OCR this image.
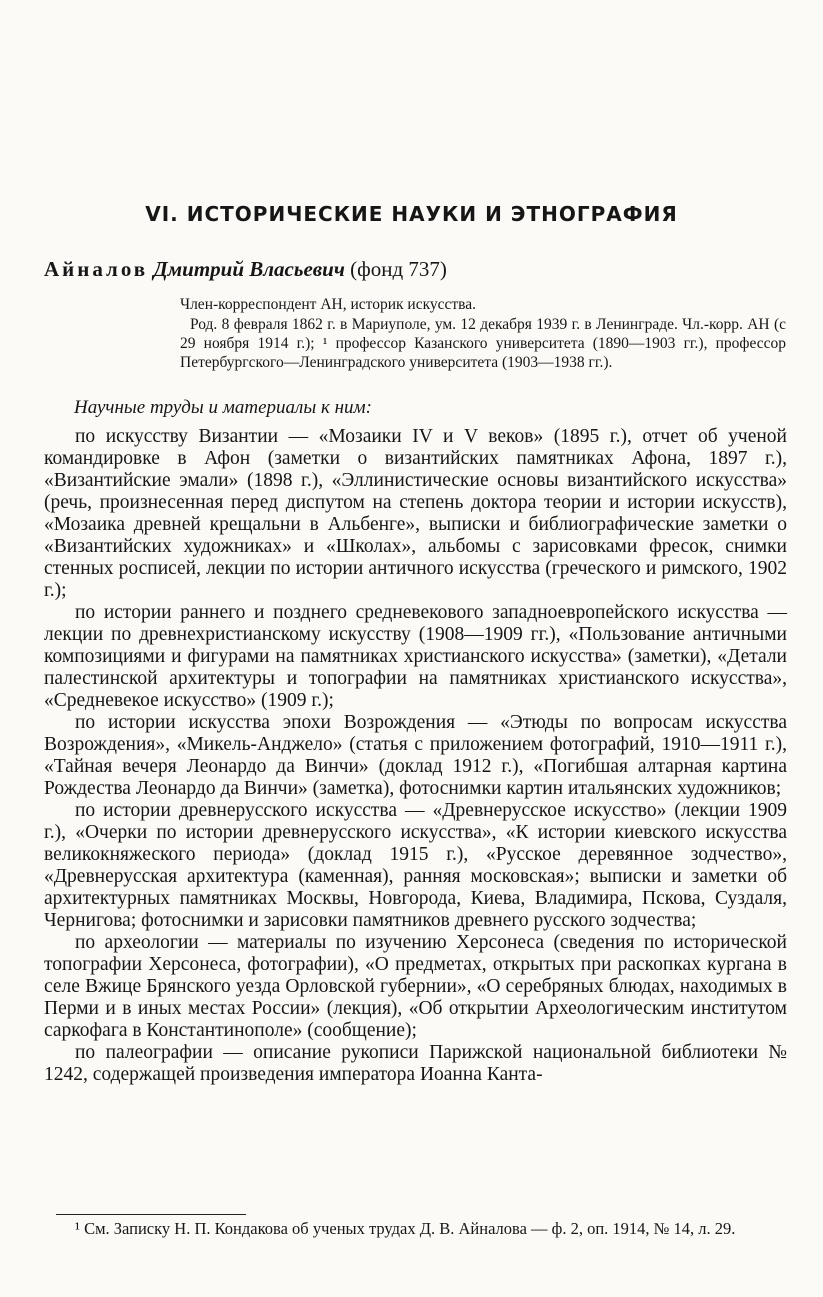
VI. ИСТОРИЧЕСКИЕ НАУКИ И ЭТНОГРАФИЯ

Айналов Дмитрий Власьевич (фонд 737)

Член-корреспондент АН, историк искусства.

Род. 8 февраля 1862 г. в Мариуполе, ум. 12 декабря 1939 г. в Ленинграде. Чл.-корр. АН (с 29 ноября 1914 г.); ¹ профессор Казанского университета (1890—1903 гг.), профессор Петербургского—Ленинградского университета (1903—1938 гг.).

Научные труды и материалы к ним:

по искусству Византии — «Мозаики IV и V веков» (1895 г.), отчет об ученой командировке в Афон (заметки о византийских памятниках Афона, 1897 г.), «Византийские эмали» (1898 г.), «Эллинистические основы византийского искусства» (речь, произнесенная перед диспутом на степень доктора теории и истории искусств), «Мозаика древней крещальни в Альбенге», выписки и библиографические заметки о «Византийских художниках» и «Школах», альбомы с зарисовками фресок, снимки стенных росписей, лекции по истории античного искусства (греческого и римского, 1902 г.);

по истории раннего и позднего средневекового западноевропейского искусства — лекции по древнехристианскому искусству (1908—1909 гг.), «Пользование античными композициями и фигурами на памятниках христианского искусства» (заметки), «Детали палестинской архитектуры и топографии на памятниках христианского искусства», «Средневекое искусство» (1909 г.);

по истории искусства эпохи Возрождения — «Этюды по вопросам искусства Возрождения», «Микель-Анджело» (статья с приложением фотографий, 1910—1911 г.), «Тайная вечеря Леонардо да Винчи» (доклад 1912 г.), «Погибшая алтарная картина Рождества Леонардо да Винчи» (заметка), фотоснимки картин итальянских художников;

по истории древнерусского искусства — «Древнерусское искусство» (лекции 1909 г.), «Очерки по истории древнерусского искусства», «К истории киевского искусства великокняжеского периода» (доклад 1915 г.), «Русское деревянное зодчество», «Древнерусская архитектура (каменная), ранняя московская»; выписки и заметки об архитектурных памятниках Москвы, Новгорода, Киева, Владимира, Пскова, Суздаля, Чернигова; фотоснимки и зарисовки памятников древнего русского зодчества;

по археологии — материалы по изучению Херсонеса (сведения по исторической топографии Херсонеса, фотографии), «О предметах, открытых при раскопках кургана в селе Вжице Брянского уезда Орловской губернии», «О серебряных блюдах, находимых в Перми и в иных местах России» (лекция), «Об открытии Археологическим институтом саркофага в Константинополе» (сообщение);

по палеографии — описание рукописи Парижской национальной библиотеки № 1242, содержащей произведения императора Иоанна Канта-

¹ См. Записку Н. П. Кондакова об ученых трудах Д. В. Айналова — ф. 2, оп. 1914, № 14, л. 29.
